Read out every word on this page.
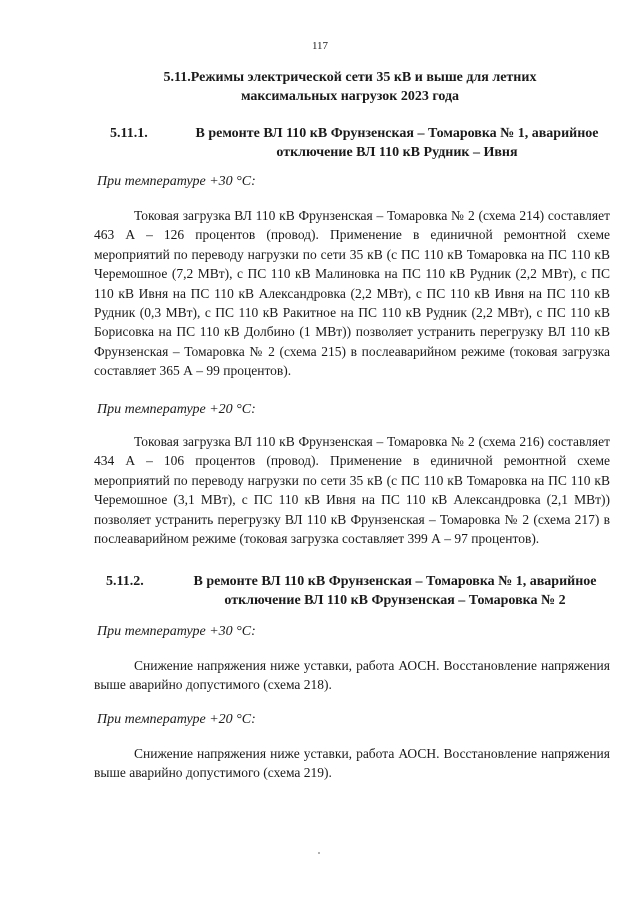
117
5.11.Режимы электрической сети 35 кВ и выше для летних
максимальных нагрузок 2023 года
5.11.1.	В ремонте ВЛ 110 кВ Фрунзенская – Томаровка № 1, аварийное
отключение ВЛ 110 кВ Рудник – Ивня
При температуре +30 °C:

Токовая загрузка ВЛ 110 кВ Фрунзенская – Томаровка № 2 (схема 214) составляет 463 А – 126 процентов (провод). Применение в единичной ремонтной схеме мероприятий по переводу нагрузки по сети 35 кВ (с ПС 110 кВ Томаровка на ПС 110 кВ Черемошное (7,2 МВт), с ПС 110 кВ Малиновка на ПС 110 кВ Рудник (2,2 МВт), с ПС 110 кВ Ивня на ПС 110 кВ Александровка (2,2 МВт), с ПС 110 кВ Ивня на ПС 110 кВ Рудник (0,3 МВт), с ПС 110 кВ Ракитное на ПС 110 кВ Рудник (2,2 МВт), с ПС 110 кВ Борисовка на ПС 110 кВ Долбино (1 МВт)) позволяет устранить перегрузку ВЛ 110 кВ Фрунзенская – Томаровка № 2 (схема 215) в послеаварийном режиме (токовая загрузка составляет 365 А – 99 процентов).

При температуре +20 °C:

Токовая загрузка ВЛ 110 кВ Фрунзенская – Томаровка № 2 (схема 216) составляет 434 А – 106 процентов (провод). Применение в единичной ремонтной схеме мероприятий по переводу нагрузки по сети 35 кВ (с ПС 110 кВ Томаровка на ПС 110 кВ Черемошное (3,1 МВт), с ПС 110 кВ Ивня на ПС 110 кВ Александровка (2,1 МВт)) позволяет устранить перегрузку ВЛ 110 кВ Фрунзенская – Томаровка № 2 (схема 217) в послеаварийном режиме (токовая загрузка составляет 399 А – 97 процентов).

5.11.2.	В ремонте ВЛ 110 кВ Фрунзенская – Томаровка № 1, аварийное
отключение ВЛ 110 кВ Фрунзенская – Томаровка № 2
При температуре +30 °C:

Снижение напряжения ниже уставки, работа АОСН. Восстановление напряжения выше аварийно допустимого (схема 218).

При температуре +20 °C:

Снижение напряжения ниже уставки, работа АОСН. Восстановление напряжения выше аварийно допустимого (схема 219).
